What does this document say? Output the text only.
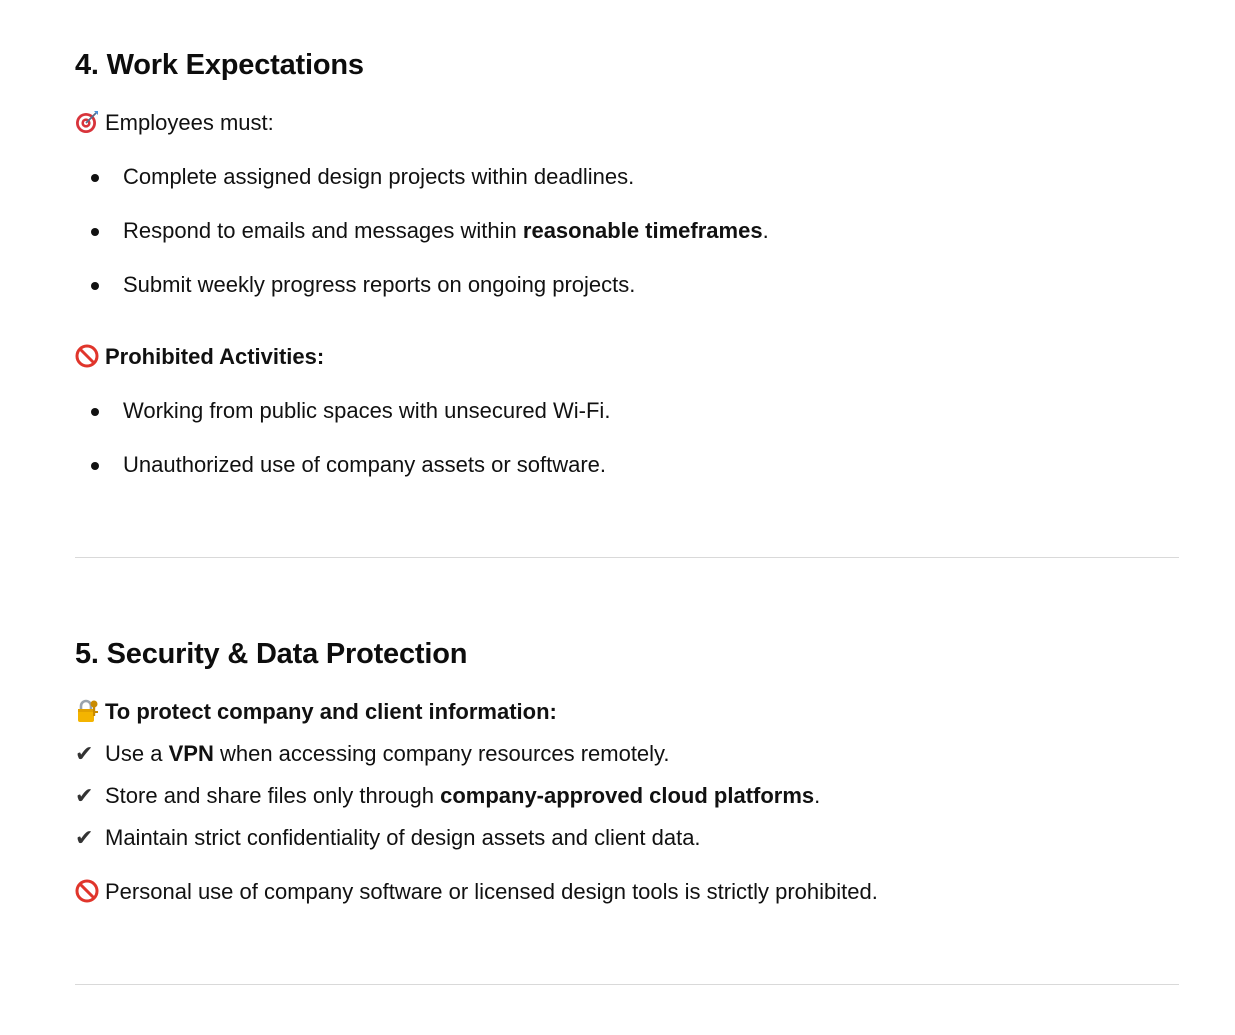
4. Work Expectations
Employees must:
Complete assigned design projects within deadlines.
Respond to emails and messages within reasonable timeframes.
Submit weekly progress reports on ongoing projects.
Prohibited Activities:
Working from public spaces with unsecured Wi-Fi.
Unauthorized use of company assets or software.
5. Security & Data Protection
To protect company and client information:
✔ Use a VPN when accessing company resources remotely.
✔ Store and share files only through company-approved cloud platforms.
✔ Maintain strict confidentiality of design assets and client data.
Personal use of company software or licensed design tools is strictly prohibited.
